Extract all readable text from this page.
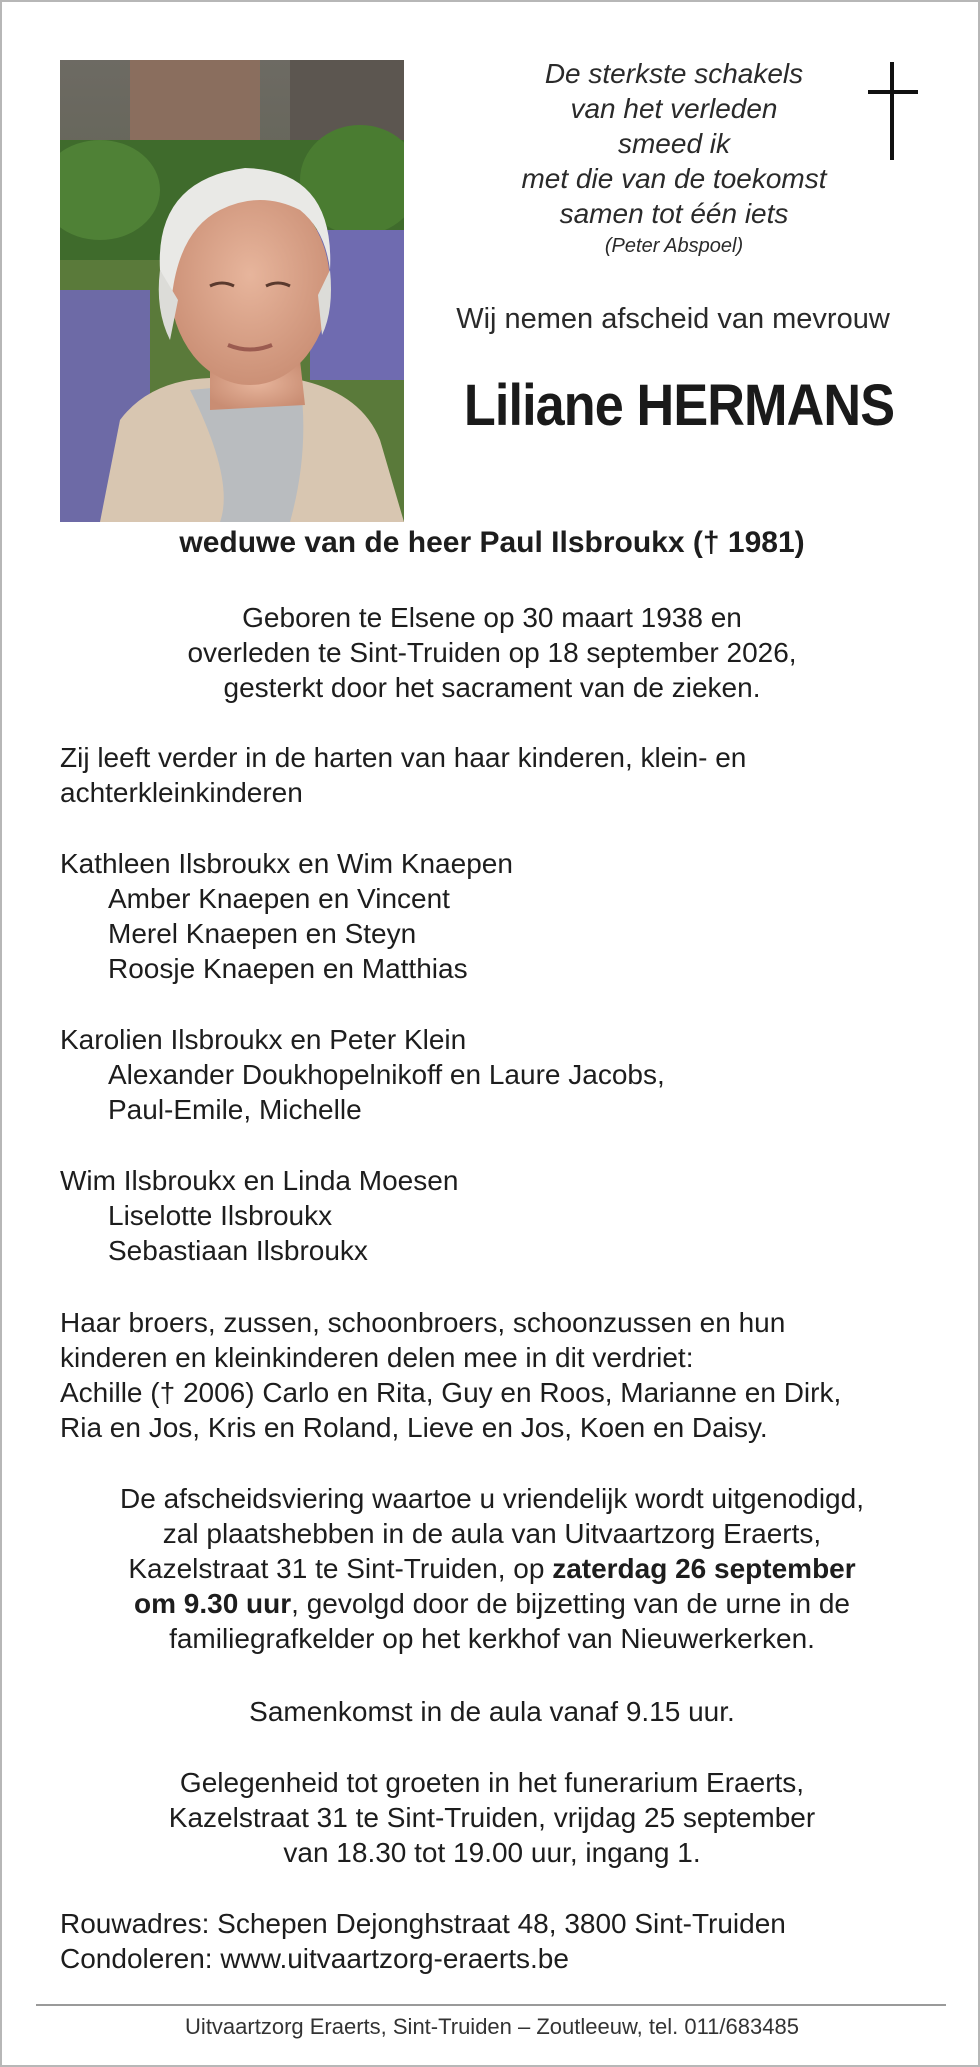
De sterkste schakels
van het verleden
smeed ik
met die van de toekomst
samen tot één iets
(Peter Abspoel)
Wij nemen afscheid van mevrouw
Liliane HERMANS
weduwe van de heer Paul Ilsbroukx († 1981)
Geboren te Elsene op 30 maart 1938 en
overleden te Sint-Truiden op 18 september 2026,
gesterkt door het sacrament van de zieken.
Zij leeft verder in de harten van haar kinderen, klein- en
achterkleinkinderen
Kathleen Ilsbroukx en Wim Knaepen
Amber Knaepen en Vincent
Merel Knaepen en Steyn
Roosje Knaepen en Matthias
Karolien Ilsbroukx en Peter Klein
Alexander Doukhopelnikoff en Laure Jacobs,
Paul-Emile, Michelle
Wim Ilsbroukx en Linda Moesen
Liselotte Ilsbroukx
Sebastiaan Ilsbroukx
Haar broers, zussen, schoonbroers, schoonzussen en hun
kinderen en kleinkinderen delen mee in dit verdriet:
Achille († 2006) Carlo en Rita, Guy en Roos, Marianne en Dirk,
Ria en Jos, Kris en Roland, Lieve en Jos, Koen en Daisy.
De afscheidsviering waartoe u vriendelijk wordt uitgenodigd,
zal plaatshebben in de aula van Uitvaartzorg Eraerts,
Kazelstraat 31 te Sint-Truiden, op zaterdag 26 september
om 9.30 uur, gevolgd door de bijzetting van de urne in de
familiegrafkelder op het kerkhof van Nieuwerkerken.
Samenkomst in de aula vanaf 9.15 uur.
Gelegenheid tot groeten in het funerarium Eraerts,
Kazelstraat 31 te Sint-Truiden, vrijdag 25 september
van 18.30 tot 19.00 uur, ingang 1.
Rouwadres: Schepen Dejonghstraat 48, 3800 Sint-Truiden
Condoleren: www.uitvaartzorg-eraerts.be
Uitvaartzorg Eraerts, Sint-Truiden – Zoutleeuw, tel. 011/683485
